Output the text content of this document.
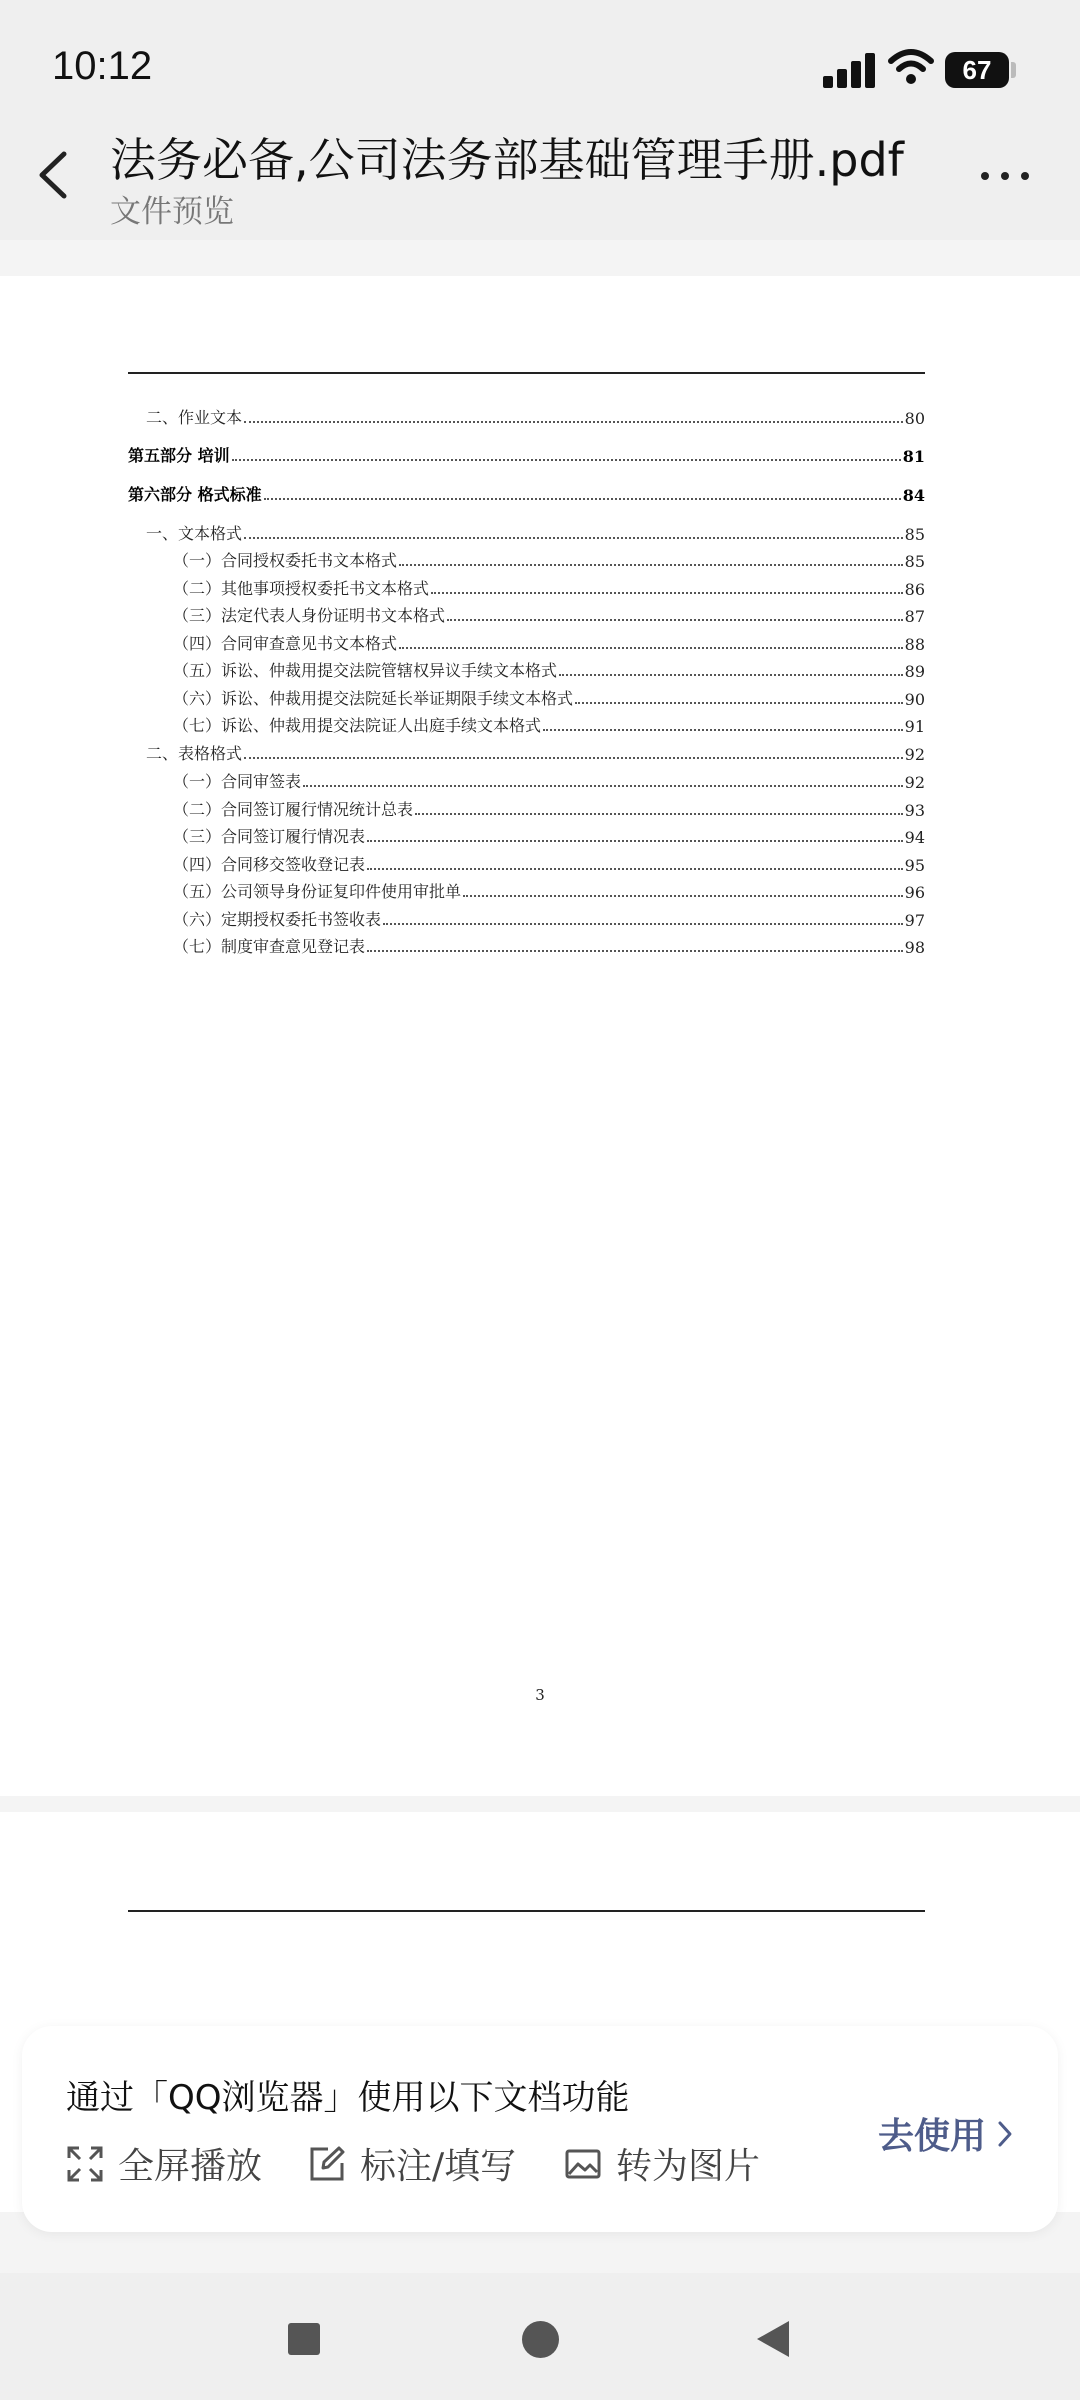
10:12	67
法务必备,公司法务部基础管理手册.pdf
文件预览
二、作业文本	80
第五部分 培训	81
第六部分 格式标准	84
一、文本格式	85
（一）合同授权委托书文本格式	85
（二）其他事项授权委托书文本格式	86
（三）法定代表人身份证明书文本格式	87
（四）合同审查意见书文本格式	88
（五）诉讼、仲裁用提交法院管辖权异议手续文本格式	89
（六）诉讼、仲裁用提交法院延长举证期限手续文本格式	90
（七）诉讼、仲裁用提交法院证人出庭手续文本格式	91
二、表格格式	92
（一）合同审签表	92
（二）合同签订履行情况统计总表	93
（三）合同签订履行情况表	94
（四）合同移交签收登记表	95
（五）公司领导身份证复印件使用审批单	96
（六）定期授权委托书签收表	97
（七）制度审查意见登记表	98
3
通过「QQ浏览器」使用以下文档功能
全屏播放	标注/填写	转为图片
去使用
